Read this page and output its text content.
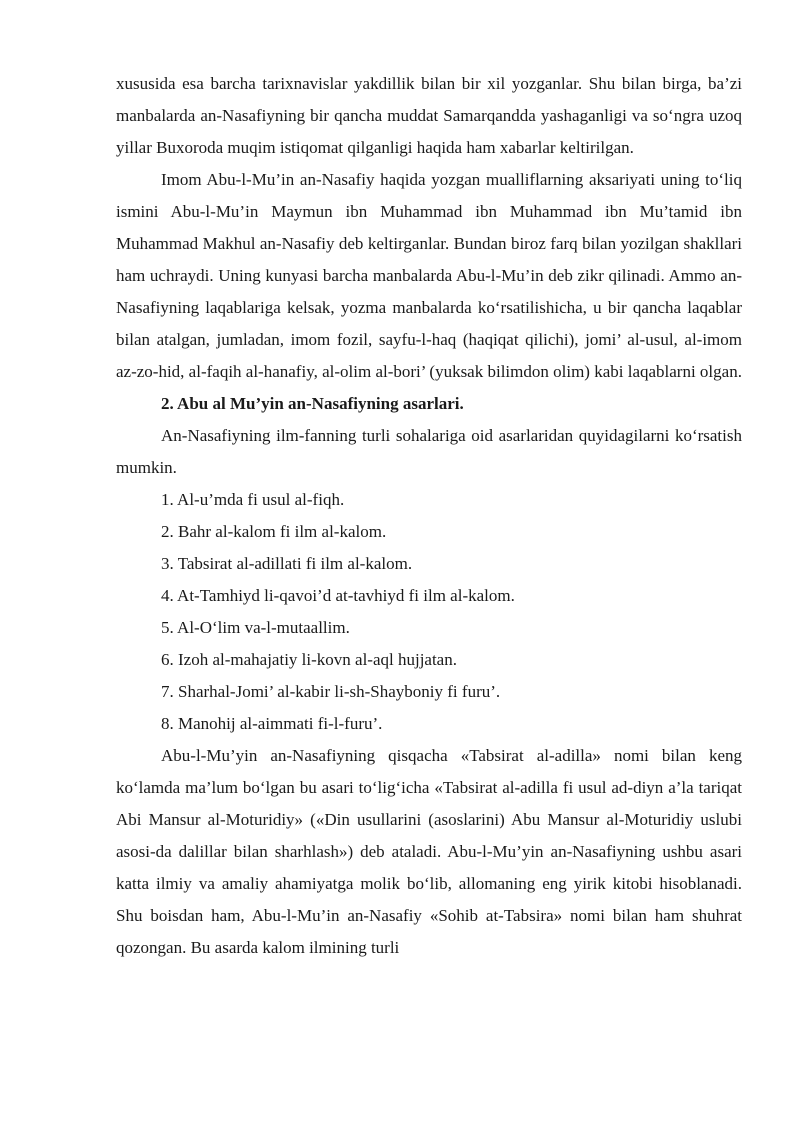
xususida esa barcha tarixnavislar yakdillik bilan bir xil yozganlar. Shu bilan birga, ba’zi manbalarda an-Nasafiyning bir qancha muddat Samarqandda yashaganligi va so‘ngra uzoq yillar Buxoroda muqim istiqomat qilganligi haqida ham xabarlar keltirilgan.

Imom Abu-l-Mu’in an-Nasafiy haqida yozgan mualliflarning aksariyati uning to‘liq ismini Abu-l-Mu’in Maymun ibn Muhammad ibn Muhammad ibn Mu’tamid ibn Muhammad Makhul an-Nasafiy deb keltirganlar. Bundan biroz farq bilan yozilgan shakllari ham uchraydi. Uning kunyasi barcha manbalarda Abu-l-Mu’in deb zikr qilinadi. Ammo an-Nasafiyning laqablariga kelsak, yozma manbalarda ko‘rsatilishicha, u bir qancha laqablar bilan atalgan, jumladan, imom fozil, sayfu-l-haq (haqiqat qilichi), jomi’ al-usul, al-imom az-zo-hid, al-faqih al-hanafiy, al-olim al-bori’ (yuksak bilimdon olim) kabi laqablarni olgan.

2. Abu al Mu’yin an-Nasafiyning asarlari.

An-Nasafiyning ilm-fanning turli sohalariga oid asarlaridan quyidagilarni ko‘rsatish mumkin.

1. Al-u’mda fi usul al-fiqh.
2. Bahr al-kalom fi ilm al-kalom.
3. Tabsirat al-adillati fi ilm al-kalom.
4. At-Tamhiyd li-qavoi’d at-tavhiyd fi ilm al-kalom.
5. Al-O‘lim va-l-mutaallim.
6. Izoh al-mahajatiy li-kovn al-aql hujjatan.
7. Sharhal-Jomi’ al-kabir li-sh-Shayboniy fi furu’.
8. Manohij al-aimmati fi-l-furu’.

Abu-l-Mu’yin an-Nasafiyning qisqacha «Tabsirat al-adilla» nomi bilan keng ko‘lamda ma’lum bo‘lgan bu asari to‘lig‘icha «Tabsirat al-adilla fi usul ad-diyn a’la tariqat Abi Mansur al-Moturidiy» («Din usullarini (asoslarini) Abu Mansur al-Moturidiy uslubi asosi-da dalillar bilan sharhlash») deb ataladi. Abu-l-Mu’yin an-Nasafiyning ushbu asari katta ilmiy va amaliy ahamiyatga molik bo‘lib, allomaning eng yirik kitobi hisoblanadi. Shu boisdan ham, Abu-l-Mu’in an-Nasafiy «Sohib at-Tabsira» nomi bilan ham shuhrat qozongan. Bu asarda kalom ilmining turli
